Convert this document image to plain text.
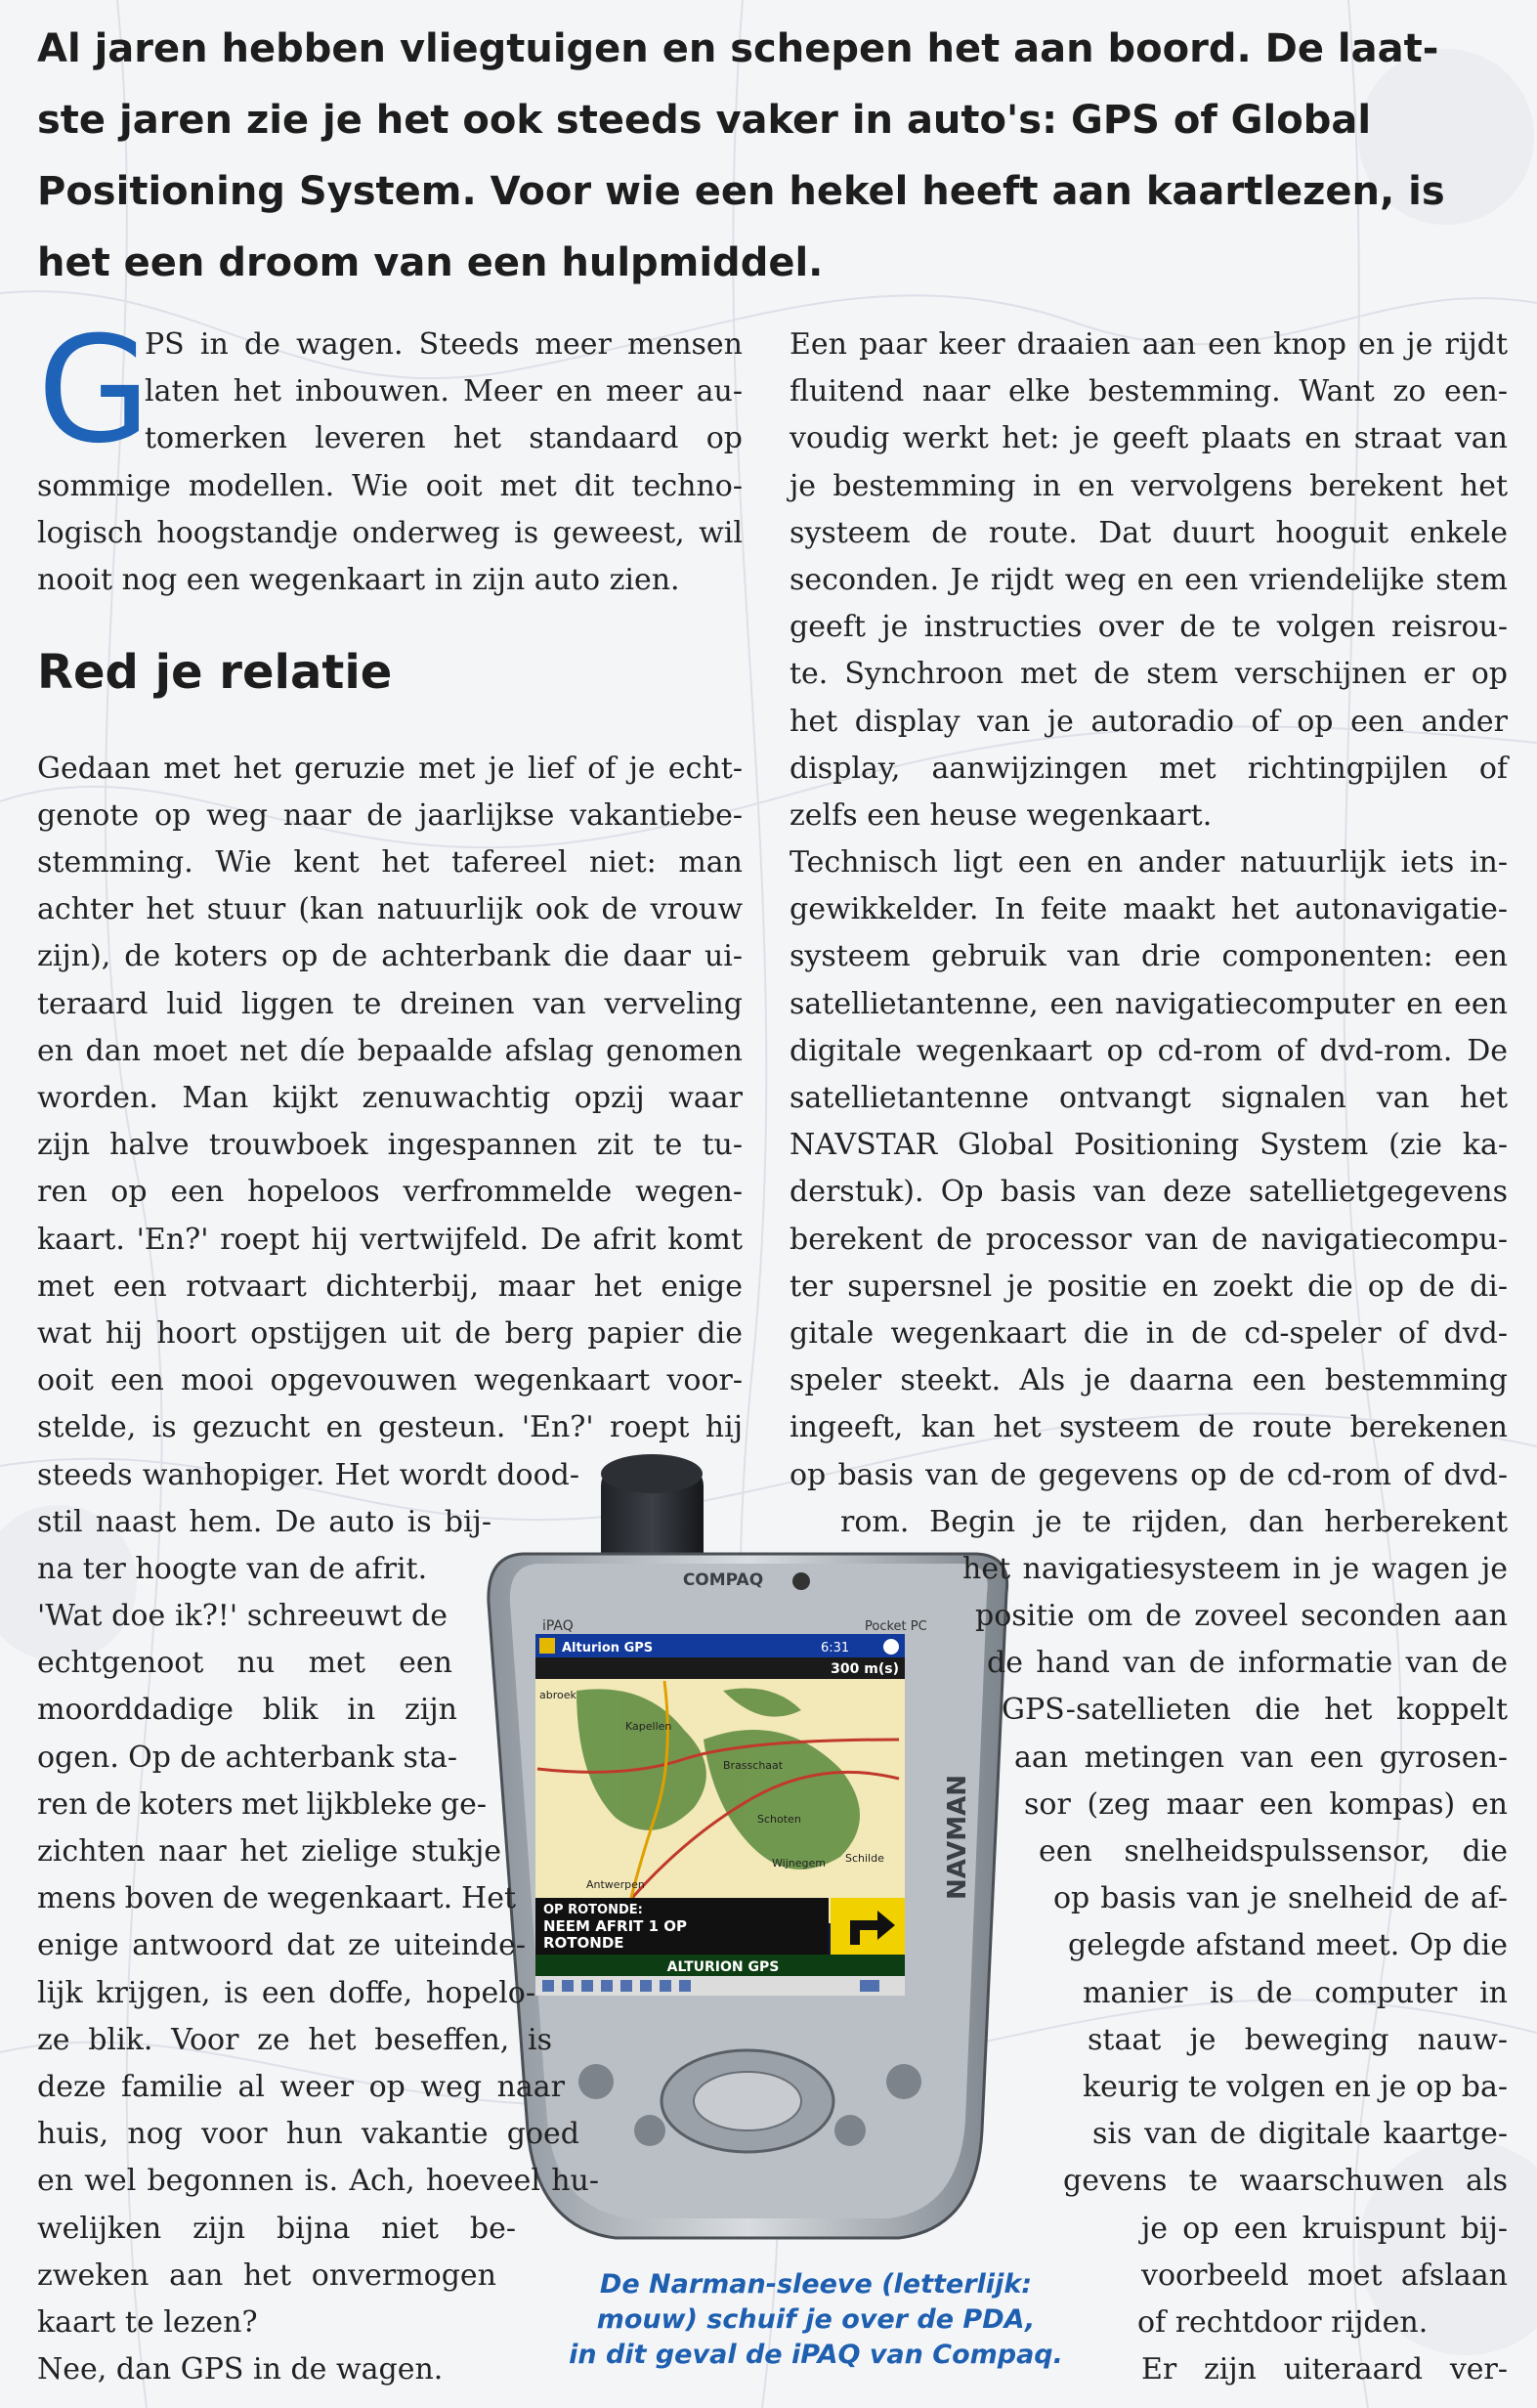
Al jaren hebben vliegtuigen en schepen het aan boord. De laat-
ste jaren zie je het ook steeds vaker in auto's: GPS of Global
Positioning System. Voor wie een hekel heeft aan kaartlezen, is
het een droom van een hulpmiddel.
G
PS in de wagen. Steeds meer mensen
laten het inbouwen. Meer en meer au-
tomerken leveren het standaard op
sommige modellen. Wie ooit met dit techno-
logisch hoogstandje onderweg is geweest, wil
nooit nog een wegenkaart in zijn auto zien.
Gedaan met het geruzie met je lief of je echt-
genote op weg naar de jaarlijkse vakantiebe-
stemming. Wie kent het tafereel niet: man
achter het stuur (kan natuurlijk ook de vrouw
zijn), de koters op de achterbank die daar ui-
teraard luid liggen te dreinen van verveling
en dan moet net díe bepaalde afslag genomen
worden. Man kijkt zenuwachtig opzij waar
zijn halve trouwboek ingespannen zit te tu-
ren op een hopeloos verfrommelde wegen-
kaart. 'En?' roept hij vertwijfeld. De afrit komt
met een rotvaart dichterbij, maar het enige
wat hij hoort opstijgen uit de berg papier die
ooit een mooi opgevouwen wegenkaart voor-
stelde, is gezucht en gesteun. 'En?' roept hij
steeds wanhopiger. Het wordt dood-
stil naast hem. De auto is bij-
na ter hoogte van de afrit.
'Wat doe ik?!' schreeuwt de
echtgenoot nu met een
moorddadige blik in zijn
ogen. Op de achterbank sta-
ren de koters met lijkbleke ge-
zichten naar het zielige stukje
mens boven de wegenkaart. Het
enige antwoord dat ze uiteinde-
lijk krijgen, is een doffe, hopelo-
ze blik. Voor ze het beseffen, is
deze familie al weer op weg naar
huis, nog voor hun vakantie goed
en wel begonnen is. Ach, hoeveel hu-
welijken zijn bijna niet be-
zweken aan het onvermogen
kaart te lezen?
Nee, dan GPS in de wagen.
Red je relatie
Een paar keer draaien aan een knop en je rijdt
fluitend naar elke bestemming. Want zo een-
voudig werkt het: je geeft plaats en straat van
je bestemming in en vervolgens berekent het
systeem de route. Dat duurt hooguit enkele
seconden. Je rijdt weg en een vriendelijke stem
geeft je instructies over de te volgen reisrou-
te. Synchroon met de stem verschijnen er op
het display van je autoradio of op een ander
display, aanwijzingen met richtingpijlen of
zelfs een heuse wegenkaart.
Technisch ligt een en ander natuurlijk iets in-
gewikkelder. In feite maakt het autonavigatie-
systeem gebruik van drie componenten: een
satellietantenne, een navigatiecomputer en een
digitale wegenkaart op cd-rom of dvd-rom. De
satellietantenne ontvangt signalen van het
NAVSTAR Global Positioning System (zie ka-
derstuk). Op basis van deze satellietgegevens
berekent de processor van de navigatiecompu-
ter supersnel je positie en zoekt die op de di-
gitale wegenkaart die in de cd-speler of dvd-
speler steekt. Als je daarna een bestemming
ingeeft, kan het systeem de route berekenen
op basis van de gegevens op de cd-rom of dvd-
rom. Begin je te rijden, dan herberekent
het navigatiesysteem in je wagen je
positie om de zoveel seconden aan
de hand van de informatie van de
GPS-satellieten die het koppelt
aan metingen van een gyrosen-
sor (zeg maar een kompas) en
een snelheidspulssensor, die
op basis van je snelheid de af-
gelegde afstand meet. Op die
manier is de computer in
staat je beweging nauw-
keurig te volgen en je op ba-
sis van de digitale kaartge-
gevens te waarschuwen als
je op een kruispunt bij-
voorbeeld moet afslaan
of rechtdoor rijden.
Er zijn uiteraard ver-
COMPAQ
iPAQ	Pocket PC
Alturion GPS	6:31
300 m(s)
abroek
Kapellen
Brasschaat
Schoten
Antwerpen
Wijnegem Schilde
OP ROTONDE:
NEEM AFRIT 1 OP
ROTONDE
ALTURION GPS
NAVMAN
De Narman-sleeve (letterlijk:
mouw) schuif je over de PDA,
in dit geval de iPAQ van Compaq.
